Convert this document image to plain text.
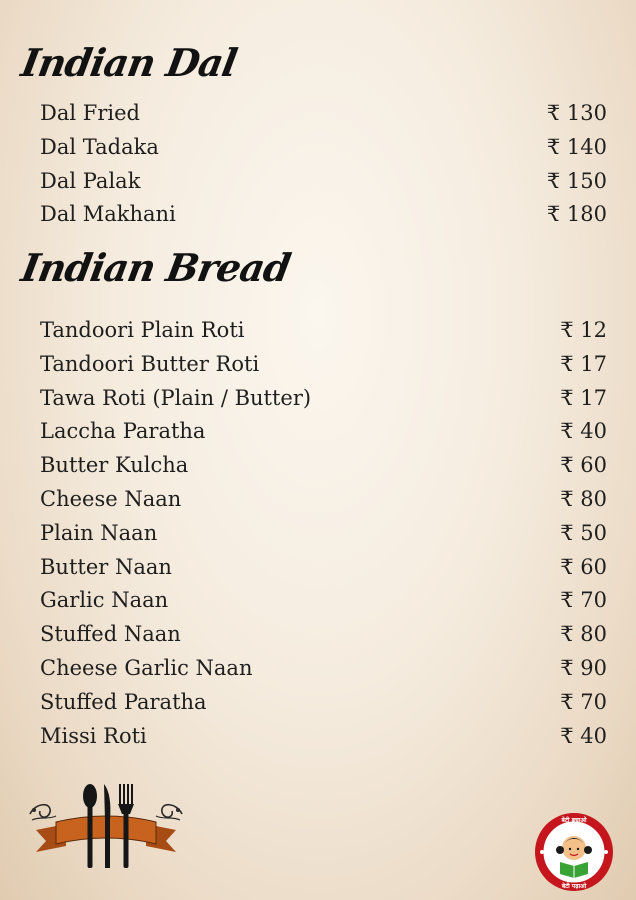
Indian Dal
Dal Fried	₹ 130
Dal Tadaka	₹ 140
Dal Palak	₹ 150
Dal Makhani	₹ 180
Indian Bread
Tandoori Plain Roti	₹ 12
Tandoori Butter Roti	₹ 17
Tawa Roti (Plain / Butter)	₹ 17
Laccha Paratha	₹ 40
Butter Kulcha	₹ 60
Cheese Naan	₹ 80
Plain Naan	₹ 50
Butter Naan	₹ 60
Garlic Naan	₹ 70
Stuffed Naan	₹ 80
Cheese Garlic Naan	₹ 90
Stuffed Paratha	₹ 70
Missi Roti	₹ 40
बेटी बचाओ
बेटी पढ़ाओ
